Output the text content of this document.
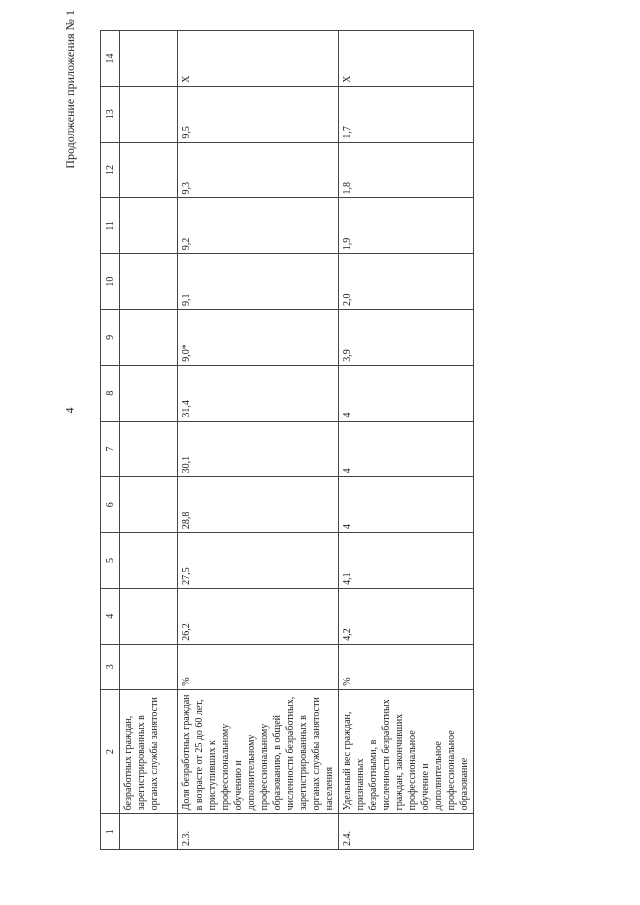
4
Продолжение приложения № 1
1	2	3	4	5	6	7	8	9	10	11	12	13	14
	безработных граждан, зарегистрированных в органах службы занятости												
2.3.	Доля безработных граждан в возрасте от 25 до 60 лет, приступивших к профессиональному обучению и дополнительному профессиональному образованию, в общей численности безработных, зарегистрированных в органах службы занятости населения	%	26,2	27,5	28,8	30,1	31,4	9,0*	9,1	9,2	9,3	9,5	X
2.4.	Удельный вес граждан, признанных безработными, в численности безработных граждан, закончивших профессиональное обучение и дополнительное профессиональное образование	%	4,2	4,1	4	4	4	3,9	2,0	1,9	1,8	1,7	X
